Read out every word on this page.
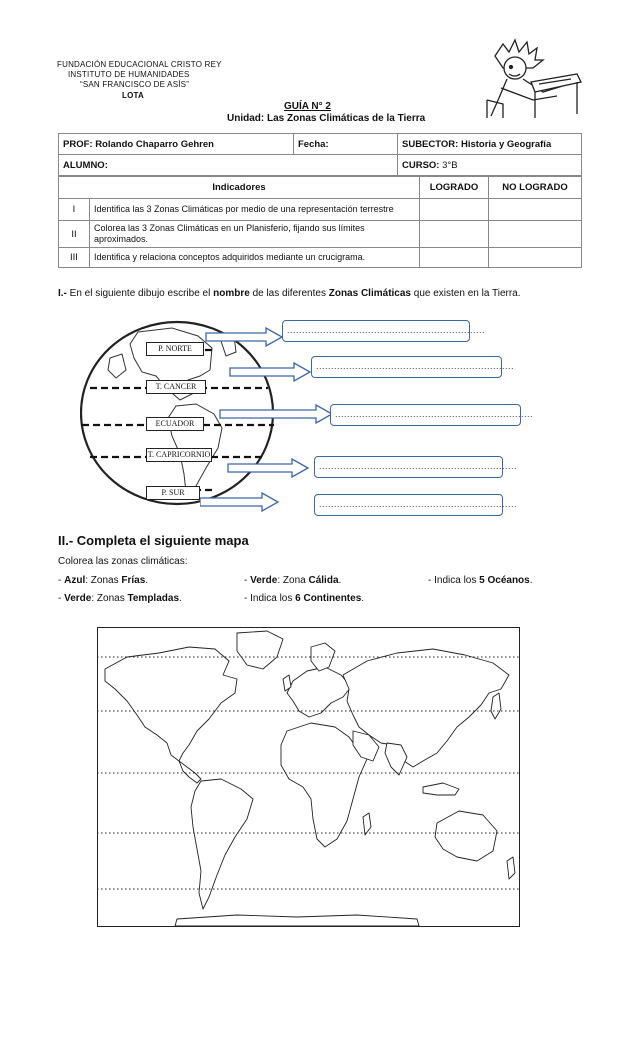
FUNDACIÓN EDUCACIONAL CRISTO REY
INSTITUTO DE HUMANIDADES
“SAN FRANCISCO DE ASÍS”
LOTA
GUÍA N° 2
Unidad: Las Zonas Climáticas de la Tierra
PROF: Rolando Chaparro Gehren	Fecha:	SUBECTOR: Historia y Geografía
ALUMNO:		CURSO: 3°B
Indicadores		LOGRADO	NO LOGRADO
I	Identifica las 3 Zonas Climáticas por medio de una representación terrestre		
II	Colorea las 3 Zonas Climáticas en un Planisferio, fijando sus límites aproximados.		
III	Identifica y relaciona conceptos adquiridos mediante un crucigrama.		
I.- En el siguiente dibujo escribe el nombre de las diferentes Zonas Climáticas que existen en la Tierra.
P. NORTE
T. CANCER
ECUADOR
T. CAPRICORNIO
P. SUR
..................................................................
..................................................................
..................................................................
..................................................................
..................................................................
II.- Completa el siguiente mapa
Colorea las zonas climáticas:
- Azul: Zonas Frías.	- Verde: Zona Cálida.	- Indica los 5 Océanos.
- Verde: Zonas Templadas.	- Indica los 6 Continentes.
